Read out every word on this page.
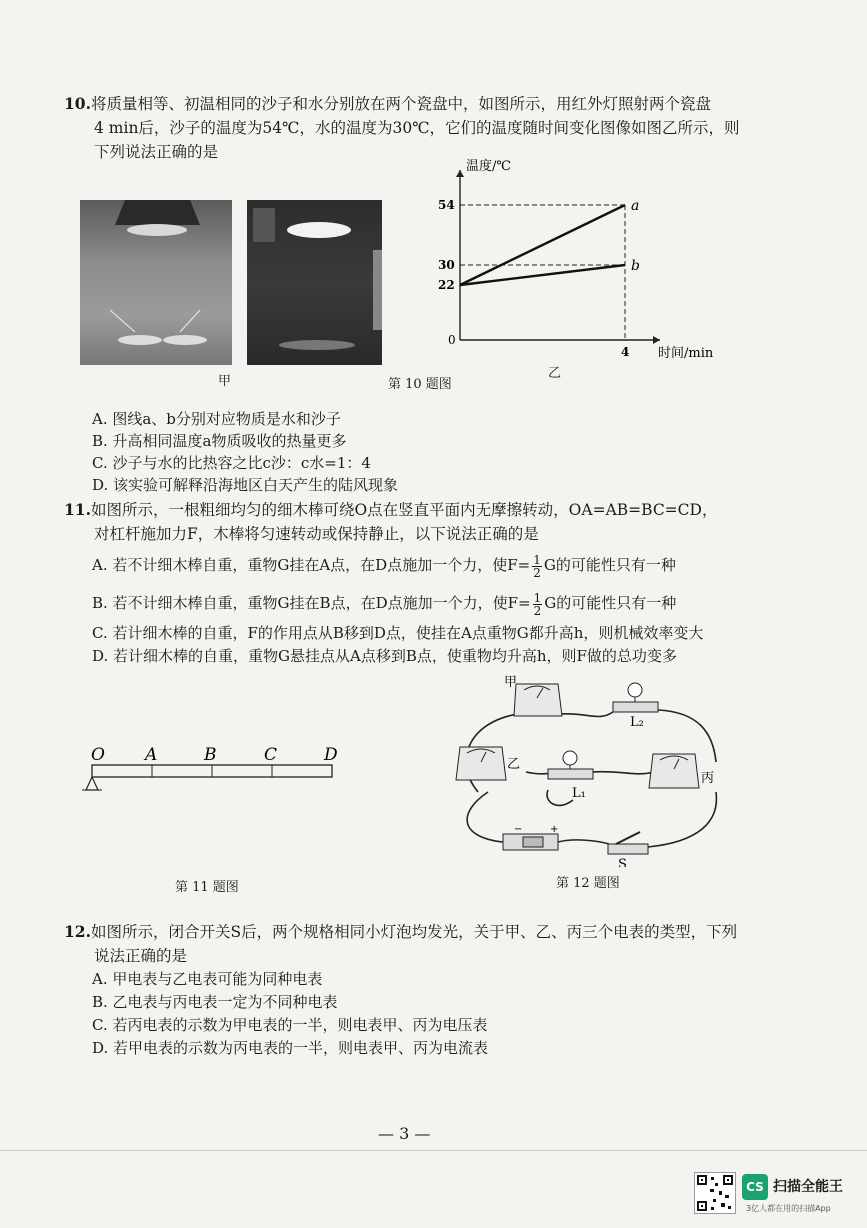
10.将质量相等、初温相同的沙子和水分别放在两个瓷盘中，如图所示，用红外灯照射两个瓷盘
4 min后，沙子的温度为54℃，水的温度为30℃，它们的温度随时间变化图像如图乙所示，则
下列说法正确的是
甲	第 10 题图
乙
0
4
22
30
54	a
b
温度/℃
时间/min
A. 图线a、b分别对应物质是水和沙子
B. 升高相同温度a物质吸收的热量更多
C. 沙子与水的比热容之比c沙：c水=1：4
D. 该实验可解释沿海地区白天产生的陆风现象
11.如图所示，一根粗细均匀的细木棒可绕O点在竖直平面内无摩擦转动，OA=AB=BC=CD，
对杠杆施加力F，木棒将匀速转动或保持静止，以下说法正确的是
A. 若不计细木棒自重，重物G挂在A点，在D点施加一个力，使$F= \frac{1}{2}$ G的可能性只有一种
B. 若不计细木棒自重，重物G挂在B点，在D点施加一个力，使$F= \frac{1}{2}$ G的可能性只有一种
C. 若计细木棒的自重，F的作用点从B移到D点，使挂在A点重物G都升高h，则机械效率变大
D. 若计细木棒的自重，重物G悬挂点从A点移到B点，使重物均升高h，则F做的总功变多
O A	B	C	D
第 11 题图
−	+
甲
乙
丙
L₂
L₁
S
第 12 题图
12.如图所示，闭合开关S后，两个规格相同小灯泡均发光，关于甲、乙、丙三个电表的类型，下列
说法正确的是
A. 甲电表与乙电表可能为同种电表
B. 乙电表与丙电表一定为不同种电表
C. 若丙电表的示数为甲电表的一半，则电表甲、丙为电压表
D. 若甲电表的示数为丙电表的一半，则电表甲、丙为电流表
— 3 —
CS 扫描全能王
3亿人都在用的扫描App
